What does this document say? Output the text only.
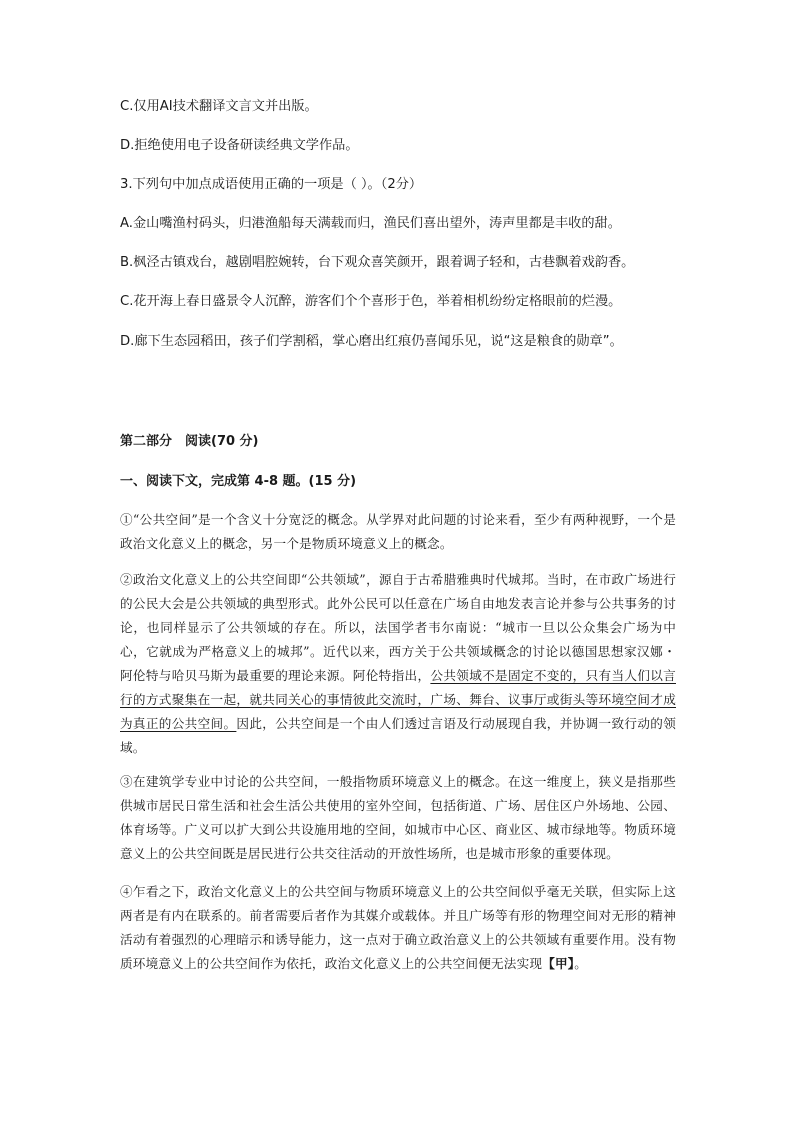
C.仅用AI技术翻译文言文并出版。
D.拒绝使用电子设备研读经典文学作品。
3.下列句中加点成语使用正确的一项是（ ）。（2分）
A.金山嘴渔村码头，归港渔船每天满载而归，渔民们喜出望外，涛声里都是丰收的甜。
B.枫泾古镇戏台，越剧唱腔婉转，台下观众喜笑颜开，跟着调子轻和，古巷飘着戏韵香。
C.花开海上春日盛景令人沉醉，游客们个个喜形于色，举着相机纷纷定格眼前的烂漫。
D.廊下生态园稻田，孩子们学割稻，掌心磨出红痕仍喜闻乐见，说“这是粮食的勋章”。
第二部分　阅读(70 分)
一、阅读下文，完成第 4-8 题。(15 分)
①“公共空间”是一个含义十分宽泛的概念。从学界对此问题的讨论来看，至少有两种视野，一个是政治文化意义上的概念，另一个是物质环境意义上的概念。
②政治文化意义上的公共空间即“公共领域”，源自于古希腊雅典时代城邦。当时，在市政广场进行的公民大会是公共领域的典型形式。此外公民可以任意在广场自由地发表言论并参与公共事务的讨论，也同样显示了公共领域的存在。所以，法国学者韦尔南说：“城市一旦以公众集会广场为中心，它就成为严格意义上的城邦”。近代以来，西方关于公共领域概念的讨论以德国思想家汉娜・阿伦特与哈贝马斯为最重要的理论来源。阿伦特指出，公共领域不是固定不变的，只有当人们以言行的方式聚集在一起，就共同关心的事情彼此交流时，广场、舞台、议事厅或街头等环境空间才成为真正的公共空间。因此，公共空间是一个由人们透过言语及行动展现自我，并协调一致行动的领域。
③在建筑学专业中讨论的公共空间，一般指物质环境意义上的概念。在这一维度上，狭义是指那些供城市居民日常生活和社会生活公共使用的室外空间，包括街道、广场、居住区户外场地、公园、体育场等。广义可以扩大到公共设施用地的空间，如城市中心区、商业区、城市绿地等。物质环境意义上的公共空间既是居民进行公共交往活动的开放性场所，也是城市形象的重要体现。
④乍看之下，政治文化意义上的公共空间与物质环境意义上的公共空间似乎毫无关联，但实际上这两者是有内在联系的。前者需要后者作为其媒介或载体。并且广场等有形的物理空间对无形的精神活动有着强烈的心理暗示和诱导能力，这一点对于确立政治意义上的公共领域有重要作用。没有物质环境意义上的公共空间作为依托，政治文化意义上的公共空间便无法实现【甲】。
